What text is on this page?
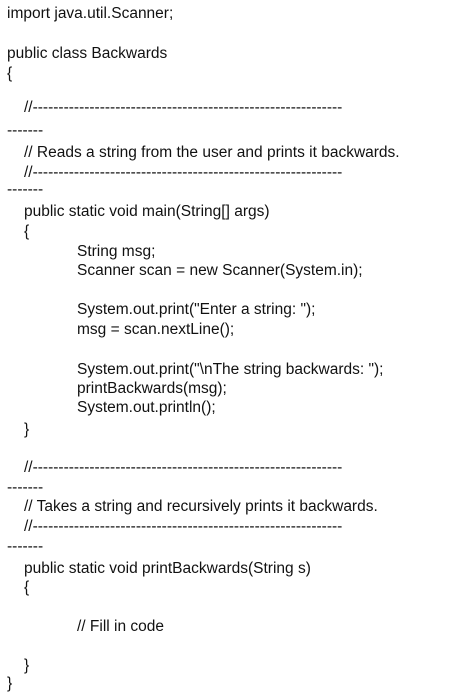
import java.util.Scanner;
public class Backwards
{
//------------------------------------------------------------
-------
// Reads a string from the user and prints it backwards.
//------------------------------------------------------------
-------
public static void main(String[] args)
{
String msg;
Scanner scan = new Scanner(System.in);
System.out.print("Enter a string: ");
msg = scan.nextLine();
System.out.print("\nThe string backwards: ");
printBackwards(msg);
System.out.println();
}
//------------------------------------------------------------
-------
// Takes a string and recursively prints it backwards.
//------------------------------------------------------------
-------
public static void printBackwards(String s)
{
// Fill in code
}
}
